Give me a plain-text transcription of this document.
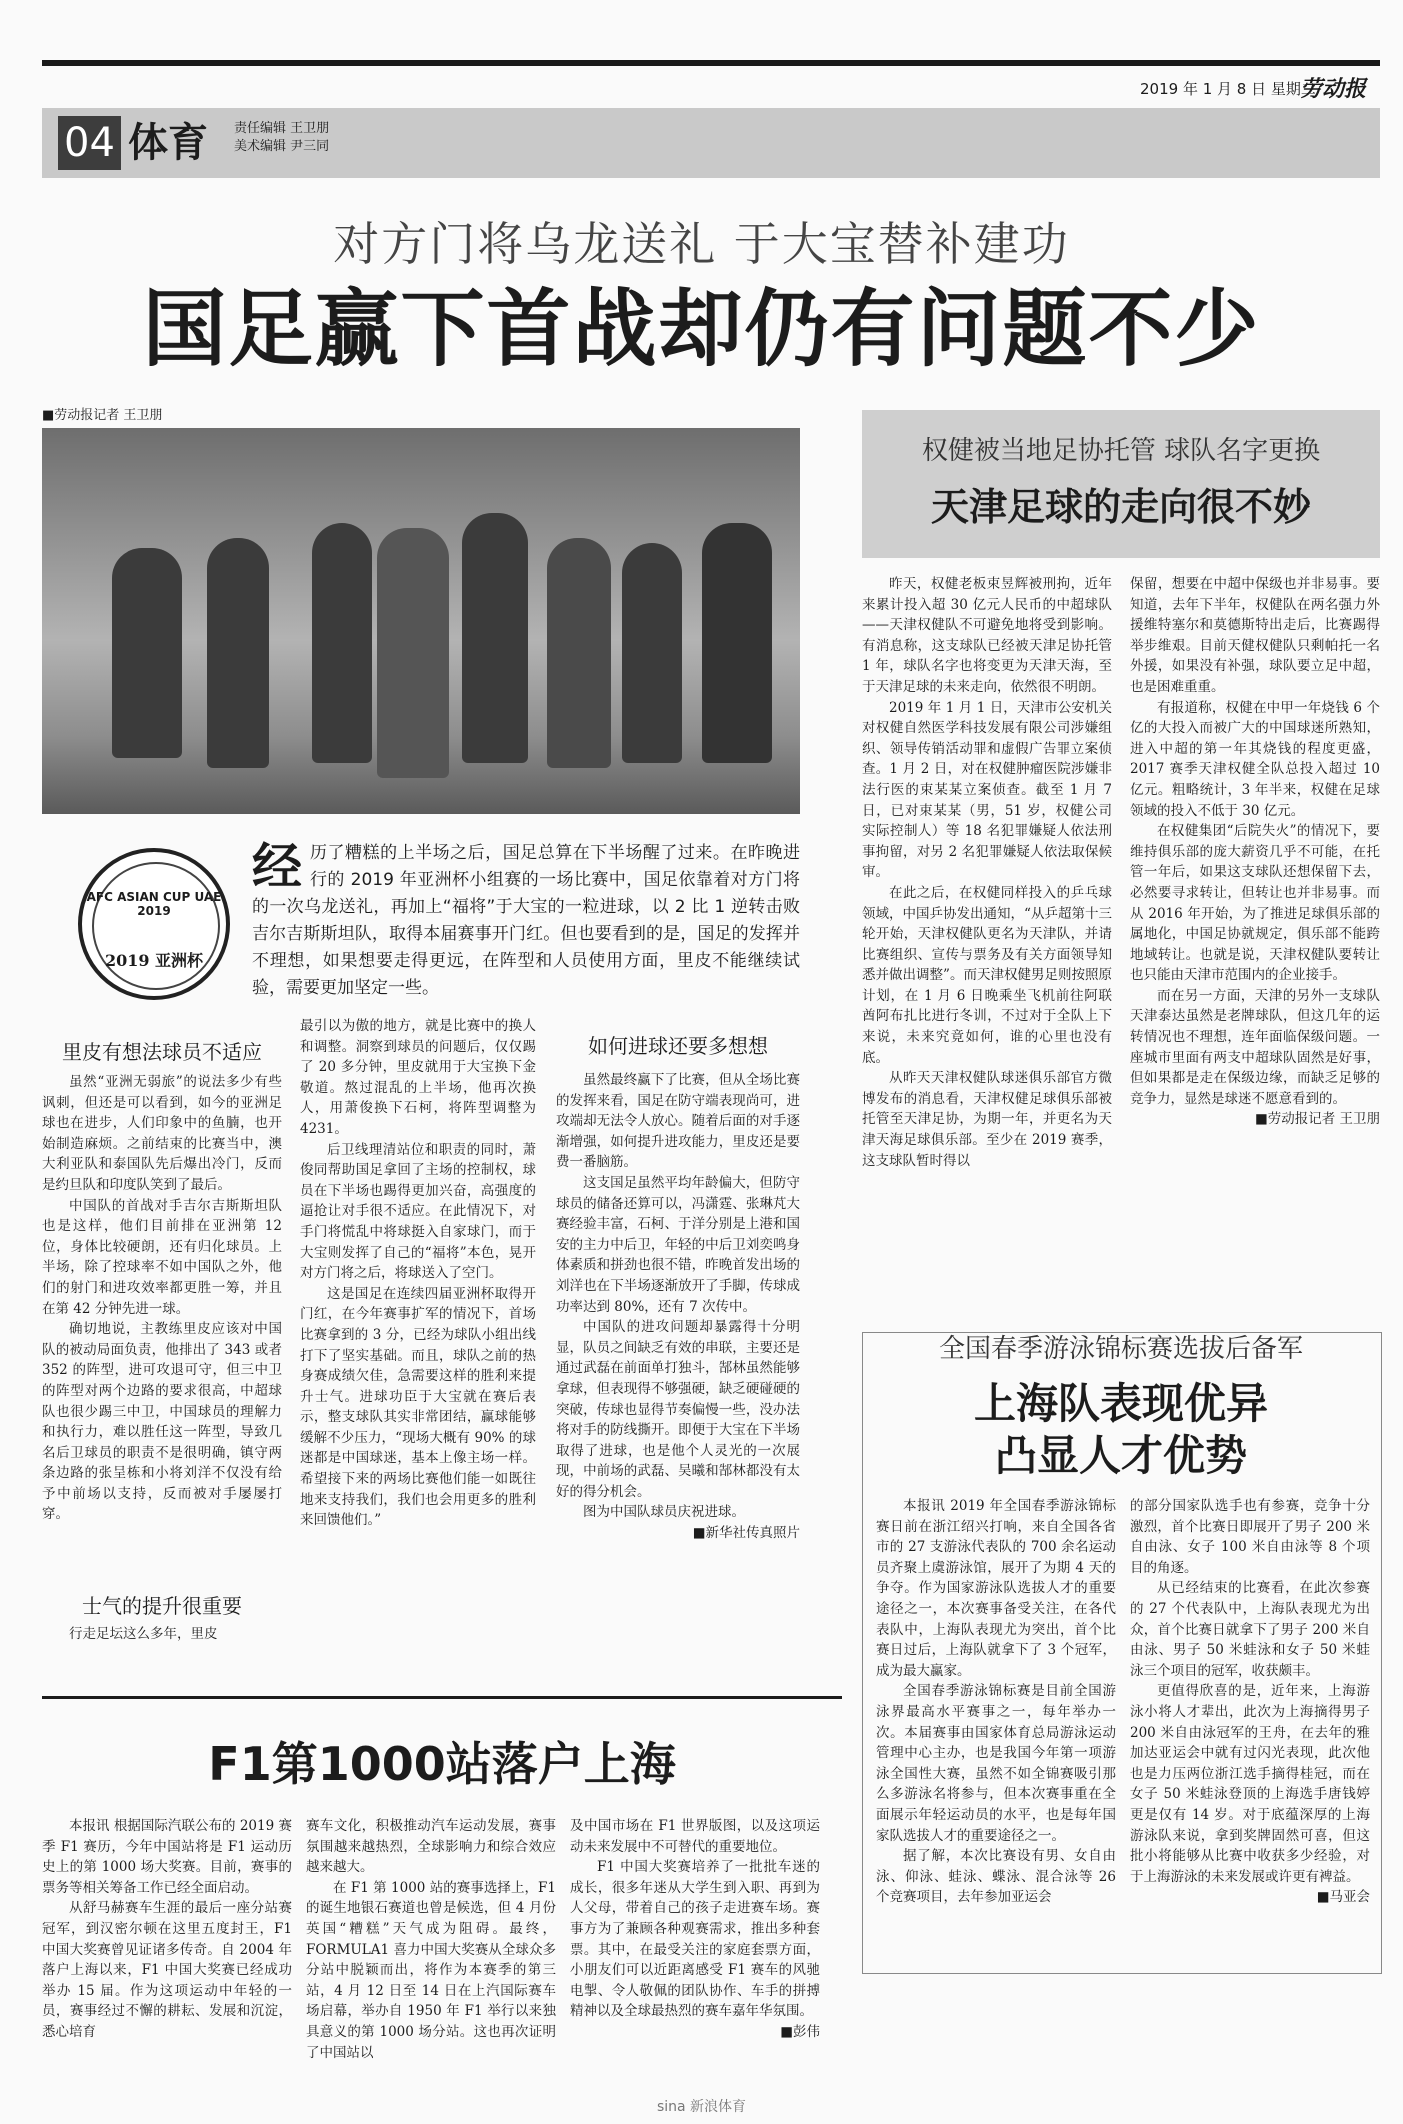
2019 年 1 月 8 日 星期二
劳动报
04 体育 责任编辑 王卫朋
美术编辑 尹三同
对方门将乌龙送礼 于大宝替补建功
国足赢下首战却仍有问题不少
■劳动报记者 王卫朋
AFC ASIAN CUP UAE 2019
2019 亚洲杯
经 历了糟糕的上半场之后，国足总算在下半场醒了过来。在昨晚进行的 2019 年亚洲杯小组赛的一场比赛中，国足依靠着对方门将的一次乌龙送礼，再加上“福将”于大宝的一粒进球，以 2 比 1 逆转击败吉尔吉斯斯坦队，取得本届赛事开门红。但也要看到的是，国足的发挥并不理想，如果想要走得更远，在阵型和人员使用方面，里皮不能继续试验，需要更加坚定一些。
里皮有想法球员不适应

虽然“亚洲无弱旅”的说法多少有些讽刺，但还是可以看到，如今的亚洲足球也在进步，人们印象中的鱼腩，也开始制造麻烦。之前结束的比赛当中，澳大利亚队和泰国队先后爆出冷门，反而是约旦队和印度队笑到了最后。

中国队的首战对手吉尔吉斯斯坦队也是这样，他们目前排在亚洲第 12 位，身体比较硬朗，还有归化球员。上半场，除了控球率不如中国队之外，他们的射门和进攻效率都更胜一筹，并且在第 42 分钟先进一球。

确切地说，主教练里皮应该对中国队的被动局面负责，他排出了 343 或者 352 的阵型，进可攻退可守，但三中卫的阵型对两个边路的要求很高，中超球队也很少踢三中卫，中国球员的理解力和执行力，难以胜任这一阵型，导致几名后卫球员的职责不是很明确，镇守两条边路的张呈栋和小将刘洋不仅没有给予中前场以支持，反而被对手屡屡打穿。

士气的提升很重要

行走足坛这么多年，里皮

最引以为傲的地方，就是比赛中的换人和调整。洞察到球员的问题后，仅仅踢了 20 多分钟，里皮就用于大宝换下金敬道。熬过混乱的上半场，他再次换人，用萧俊换下石柯，将阵型调整为 4231。

后卫线理清站位和职责的同时，萧俊同帮助国足拿回了主场的控制权，球员在下半场也踢得更加兴奋，高强度的逼抢让对手很不适应。在此情况下，对手门将慌乱中将球挺入自家球门，而于大宝则发挥了自己的“福将”本色，晃开对方门将之后，将球送入了空门。

这是国足在连续四届亚洲杯取得开门红，在今年赛事扩军的情况下，首场比赛拿到的 3 分，已经为球队小组出线打下了坚实基础。而且，球队之前的热身赛成绩欠佳，急需要这样的胜利来提升士气。进球功臣于大宝就在赛后表示，整支球队其实非常团结，赢球能够缓解不少压力，“现场大概有 90% 的球迷都是中国球迷，基本上像主场一样。希望接下来的两场比赛他们能一如既往地来支持我们，我们也会用更多的胜利来回馈他们。”

如何进球还要多想想

虽然最终赢下了比赛，但从全场比赛的发挥来看，国足在防守端表现尚可，进攻端却无法令人放心。随着后面的对手逐渐增强，如何提升进攻能力，里皮还是要费一番脑筋。

这支国足虽然平均年龄偏大，但防守球员的储备还算可以，冯潇霆、张琳芃大赛经验丰富，石柯、于洋分别是上港和国安的主力中后卫，年轻的中后卫刘奕鸣身体素质和拼劲也很不错，昨晚首发出场的刘洋也在下半场逐渐放开了手脚，传球成功率达到 80%，还有 7 次传中。

中国队的进攻问题却暴露得十分明显，队员之间缺乏有效的串联，主要还是通过武磊在前面单打独斗，郜林虽然能够拿球，但表现得不够强硬，缺乏硬碰硬的突破，传球也显得节奏偏慢一些，没办法将对手的防线撕开。即便于大宝在下半场取得了进球，也是他个人灵光的一次展现，中前场的武磊、吴曦和郜林都没有太好的得分机会。

图为中国队球员庆祝进球。

■新华社传真照片
权健被当地足协托管 球队名字更换
天津足球的走向很不妙

昨天，权健老板束昱辉被刑拘，近年来累计投入超 30 亿元人民币的中超球队——天津权健队不可避免地将受到影响。有消息称，这支球队已经被天津足协托管 1 年，球队名字也将变更为天津天海，至于天津足球的未来走向，依然很不明朗。

2019 年 1 月 1 日，天津市公安机关对权健自然医学科技发展有限公司涉嫌组织、领导传销活动罪和虚假广告罪立案侦查。1 月 2 日，对在权健肿瘤医院涉嫌非法行医的束某某立案侦查。截至 1 月 7 日，已对束某某（男，51 岁，权健公司实际控制人）等 18 名犯罪嫌疑人依法刑事拘留，对另 2 名犯罪嫌疑人依法取保候审。

在此之后，在权健同样投入的乒乓球领域，中国乒协发出通知，“从乒超第十三轮开始，天津权健队更名为天津队，并请比赛组织、宣传与票务及有关方面领导知悉并做出调整”。而天津权健男足则按照原计划，在 1 月 6 日晚乘坐飞机前往阿联酋阿布扎比进行冬训，不过对于全队上下来说，未来究竟如何，谁的心里也没有底。

从昨天天津权健队球迷俱乐部官方微博发布的消息看，天津权健足球俱乐部被托管至天津足协，为期一年，并更名为天津天海足球俱乐部。至少在 2019 赛季，这支球队暂时得以

保留，想要在中超中保级也并非易事。要知道，去年下半年，权健队在两名强力外援维特塞尔和莫德斯特出走后，比赛踢得举步维艰。目前天健权健队只剩帕托一名外援，如果没有补强，球队要立足中超，也是困难重重。

有报道称，权健在中甲一年烧钱 6 个亿的大投入而被广大的中国球迷所熟知，进入中超的第一年其烧钱的程度更盛，2017 赛季天津权健全队总投入超过 10 亿元。粗略统计，3 年半来，权健在足球领域的投入不低于 30 亿元。

在权健集团“后院失火”的情况下，要维持俱乐部的庞大薪资几乎不可能，在托管一年后，如果这支球队还想保留下去，必然要寻求转让，但转让也并非易事。而从 2016 年开始，为了推进足球俱乐部的属地化，中国足协就规定，俱乐部不能跨地域转让。也就是说，天津权健队要转让也只能由天津市范围内的企业接手。

而在另一方面，天津的另外一支球队天津泰达虽然是老牌球队，但这几年的运转情况也不理想，连年面临保级问题。一座城市里面有两支中超球队固然是好事，但如果都是走在保级边缘，而缺乏足够的竞争力，显然是球迷不愿意看到的。

■劳动报记者 王卫朋
全国春季游泳锦标赛选拔后备军
上海队表现优异
凸显人才优势

本报讯 2019 年全国春季游泳锦标赛日前在浙江绍兴打响，来自全国各省市的 27 支游泳代表队的 700 余名运动员齐聚上虞游泳馆，展开了为期 4 天的争夺。作为国家游泳队选拔人才的重要途径之一，本次赛事备受关注，在各代表队中，上海队表现尤为突出，首个比赛日过后，上海队就拿下了 3 个冠军，成为最大赢家。

全国春季游泳锦标赛是目前全国游泳界最高水平赛事之一，每年举办一次。本届赛事由国家体育总局游泳运动管理中心主办，也是我国今年第一项游泳全国性大赛，虽然不如全锦赛吸引那么多游泳名将参与，但本次赛事重在全面展示年轻运动员的水平，也是每年国家队选拔人才的重要途径之一。

据了解，本次比赛设有男、女自由泳、仰泳、蛙泳、蝶泳、混合泳等 26 个竞赛项目，去年参加亚运会

的部分国家队选手也有参赛，竞争十分激烈，首个比赛日即展开了男子 200 米自由泳、女子 100 米自由泳等 8 个项目的角逐。

从已经结束的比赛看，在此次参赛的 27 个代表队中，上海队表现尤为出众，首个比赛日就拿下了男子 200 米自由泳、男子 50 米蛙泳和女子 50 米蛙泳三个项目的冠军，收获颇丰。

更值得欣喜的是，近年来，上海游泳小将人才辈出，此次为上海摘得男子 200 米自由泳冠军的王舟，在去年的雅加达亚运会中就有过闪光表现，此次他也是力压两位浙江选手摘得桂冠，而在女子 50 米蛙泳登顶的上海选手唐钱婷更是仅有 14 岁。对于底蕴深厚的上海游泳队来说，拿到奖牌固然可喜，但这批小将能够从比赛中收获多少经验，对于上海游泳的未来发展或许更有裨益。

■马亚会
F1第1000站落户上海

本报讯 根据国际汽联公布的 2019 赛季 F1 赛历，今年中国站将是 F1 运动历史上的第 1000 场大奖赛。目前，赛事的票务等相关筹备工作已经全面启动。

从舒马赫赛车生涯的最后一座分站赛冠军，到汉密尔顿在这里五度封王，F1 中国大奖赛曾见证诸多传奇。自 2004 年落户上海以来，F1 中国大奖赛已经成功举办 15 届。作为这项运动中年轻的一员，赛事经过不懈的耕耘、发展和沉淀，悉心培育

赛车文化，积极推动汽车运动发展，赛事氛围越来越热烈，全球影响力和综合效应越来越大。

在 F1 第 1000 站的赛事选择上，F1 的诞生地银石赛道也曾是候选，但 4 月份英国“糟糕”天气成为阻碍。最终，FORMULA1 喜力中国大奖赛从全球众多分站中脱颖而出，将作为本赛季的第三站，4 月 12 日至 14 日在上汽国际赛车场启幕，举办自 1950 年 F1 举行以来独具意义的第 1000 场分站。这也再次证明了中国站以

及中国市场在 F1 世界版图，以及这项运动未来发展中不可替代的重要地位。

F1 中国大奖赛培养了一批批车迷的成长，很多年迷从大学生到入职、再到为人父母，带着自己的孩子走进赛车场。赛事方为了兼顾各种观赛需求，推出多种套票。其中，在最受关注的家庭套票方面，小朋友们可以近距离感受 F1 赛车的风驰电掣、令人敬佩的团队协作、车手的拼搏精神以及全球最热烈的赛车嘉年华氛围。

■彭伟
sina 新浪体育
